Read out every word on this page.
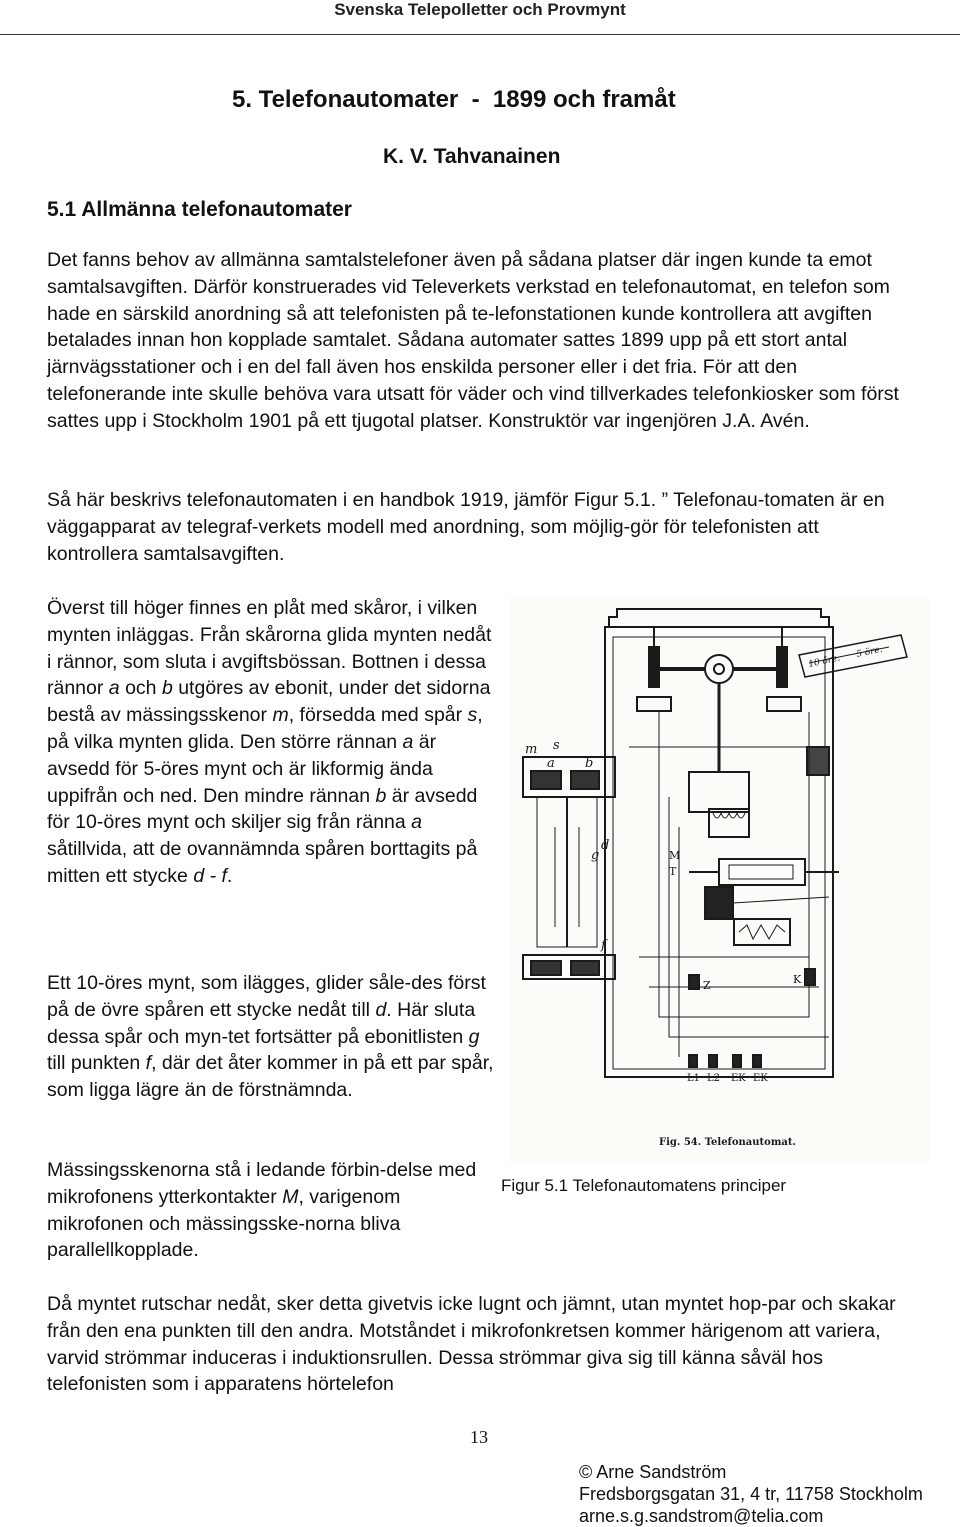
Svenska Telepolletter och Provmynt
5. Telefonautomater  -  1899 och framåt
K. V. Tahvanainen
5.1 Allmänna telefonautomater

Det fanns behov av allmänna samtalstelefoner även på sådana platser där ingen kunde ta emot samtalsavgiften. Därför konstruerades vid Televerkets verkstad en telefonautomat, en telefon som hade en särskild anordning så att telefonisten på te-lefonstationen kunde kontrollera att avgiften betalades innan hon kopplade samtalet. Sådana automater sattes 1899 upp på ett stort antal järnvägsstationer och i en del fall även hos enskilda personer eller i det fria. För att den telefonerande inte skulle behöva vara utsatt för väder och vind tillverkades telefonkiosker som först sattes upp i Stockholm 1901 på ett tjugotal platser. Konstruktör var ingenjören J.A. Avén.

Så här beskrivs telefonautomaten i en handbok 1919, jämför Figur 5.1. ” Telefonau-tomaten är en väggapparat av telegraf-verkets modell med anordning, som möjlig-gör för telefonisten att kontrollera samtalsavgiften.

Överst till höger finnes en plåt med skåror, i vilken mynten inläggas. Från skårorna glida mynten nedåt i rännor, som sluta i avgiftsbössan. Bottnen i dessa rännor a och b utgöres av ebonit, under det sidorna bestå av mässingsskenor m, försedda med spår s, på vilka mynten glida. Den större rännan a är avsedd för 5-öres mynt och är likformig ända uppifrån och ned. Den mindre rännan b är avsedd för 10-öres mynt och skiljer sig från ränna a såtillvida, att de ovannämnda spåren borttagits på mitten ett stycke d - f.

Ett 10-öres mynt, som ilägges, glider såle-des först på de övre spåren ett stycke nedåt till d. Här sluta dessa spår och myn-tet fortsätter på ebonitlisten g till punkten f, där det åter kommer in på ett par spår, som ligga lägre än de förstnämnda.

Mässingsskenorna stå i ledande förbin-delse med mikrofonens ytterkontakter M, varigenom mikrofonen och mässingsske-norna bliva parallellkopplade.

Då myntet rutschar nedåt, sker detta givetvis icke lugnt och jämnt, utan myntet hop-par och skakar från den ena punkten till den andra. Motståndet i mikrofonkretsen kommer härigenom att variera, varvid strömmar induceras i induktionsrullen. Dessa strömmar giva sig till känna såväl hos telefonisten som i apparatens hörtelefon

10 öre.
5 öre.
m s
a b
d
g
f
M
T
Z	K
L1 L2 EK EK
Fig. 54. Telefonautomat.
Figur 5.1 Telefonautomatens principer
13
© Arne Sandström
Fredsborgsgatan 31, 4 tr, 11758 Stockholm
arne.s.g.sandstrom@telia.com
